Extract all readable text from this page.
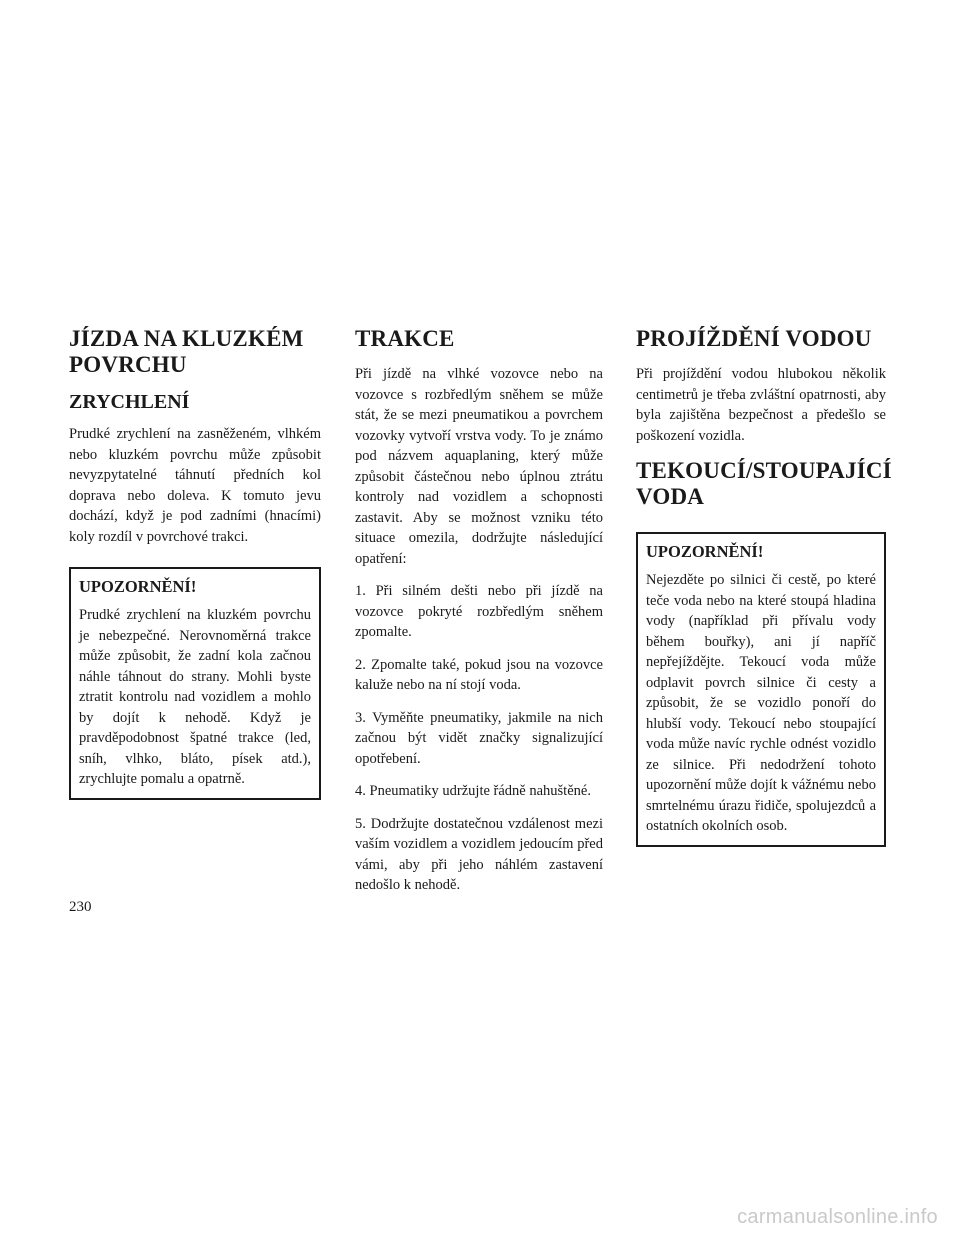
JÍZDA NA KLUZKÉM POVRCHU
ZRYCHLENÍ

Prudké zrychlení na zasněženém, vlhkém nebo kluzkém povrchu může způsobit nevyzpytatelné táhnutí předních kol doprava nebo doleva. K tomuto jevu dochází, když je pod zadními (hnacími) koly rozdíl v povrchové trakci.

UPOZORNĚNÍ!

Prudké zrychlení na kluzkém povrchu je nebezpečné. Nerovnoměrná trakce může způsobit, že zadní kola začnou náhle táhnout do strany. Mohli byste ztratit kontrolu nad vozidlem a mohlo by dojít k nehodě. Když je pravděpodobnost špatné trakce (led, sníh, vlhko, bláto, písek atd.), zrychlujte pomalu a opatrně.

TRAKCE

Při jízdě na vlhké vozovce nebo na vozovce s rozbředlým sněhem se může stát, že se mezi pneumatikou a povrchem vozovky vytvoří vrstva vody. To je známo pod názvem aquaplaning, který může způsobit částečnou nebo úplnou ztrátu kontroly nad vozidlem a schopnosti zastavit. Aby se možnost vzniku této situace omezila, dodržujte následující opatření:

1. Při silném dešti nebo při jízdě na vozovce pokryté rozbředlým sněhem zpomalte.

2. Zpomalte také, pokud jsou na vozovce kaluže nebo na ní stojí voda.

3. Vyměňte pneumatiky, jakmile na nich začnou být vidět značky signalizující opotřebení.

4. Pneumatiky udržujte řádně nahuštěné.

5. Dodržujte dostatečnou vzdálenost mezi vaším vozidlem a vozidlem jedoucím před vámi, aby při jeho náhlém zastavení nedošlo k nehodě.

PROJÍŽDĚNÍ VODOU

Při projíždění vodou hlubokou několik centimetrů je třeba zvláštní opatrnosti, aby byla zajištěna bezpečnost a předešlo se poškození vozidla.

TEKOUCÍ/STOUPAJÍCÍ VODA
UPOZORNĚNÍ!

Nejezděte po silnici či cestě, po které teče voda nebo na které stoupá hladina vody (například při přívalu vody během bouřky), ani jí napříč nepřejíždějte. Tekoucí voda může odplavit povrch silnice či cesty a způsobit, že se vozidlo ponoří do hlubší vody. Tekoucí nebo stoupající voda může navíc rychle odnést vozidlo ze silnice. Při nedodržení tohoto upozornění může dojít k vážnému nebo smrtelnému úrazu řidiče, spolujezdců a ostatních okolních osob.

230
carmanualsonline.info
